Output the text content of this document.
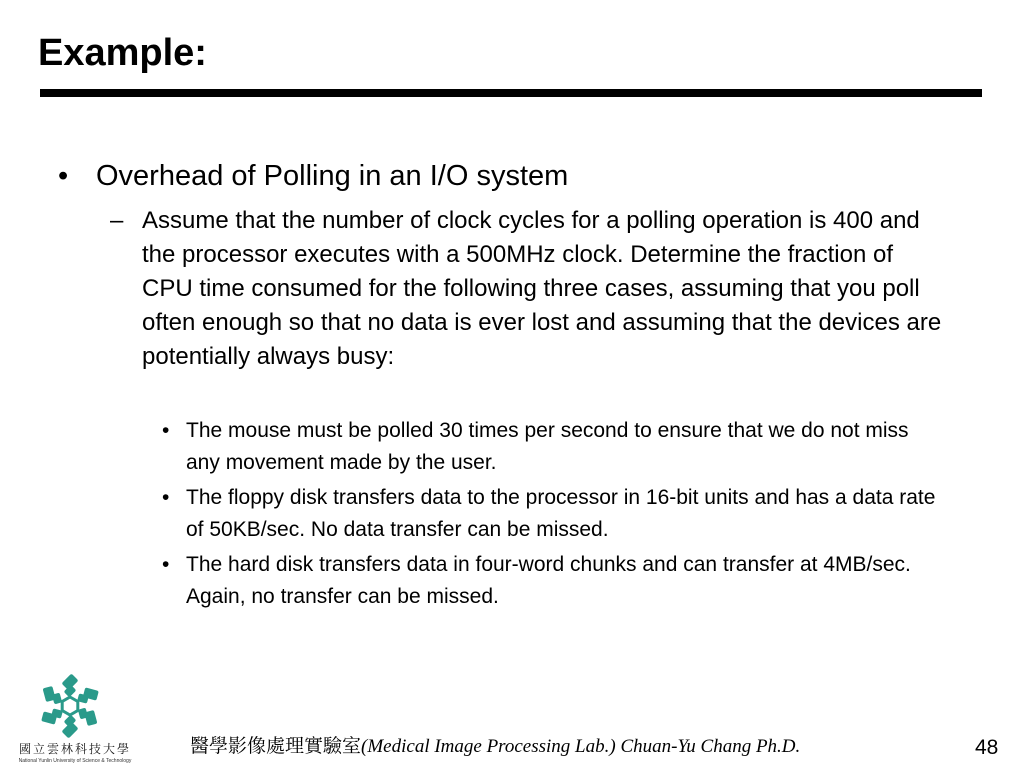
Example:
• Overhead of Polling in an I/O system
– Assume that the number of clock cycles for a polling operation is 400 and the processor executes with a 500MHz clock. Determine the fraction of CPU time consumed for the following three cases, assuming that you poll often enough so that no data is ever lost and assuming that the devices are potentially always busy:
• The mouse must be polled 30 times per second to ensure that we do not miss any movement made by the user.
• The floppy disk transfers data to the processor in 16-bit units and has a data rate of 50KB/sec. No data transfer can be missed.
• The hard disk transfers data in four-word chunks and can transfer at 4MB/sec. Again, no transfer can be missed.
國立雲林科技大學
National Yunlin University of Science & Technology
醫學影像處理實驗室(Medical Image Processing Lab.) Chuan-Yu Chang Ph.D.	48
